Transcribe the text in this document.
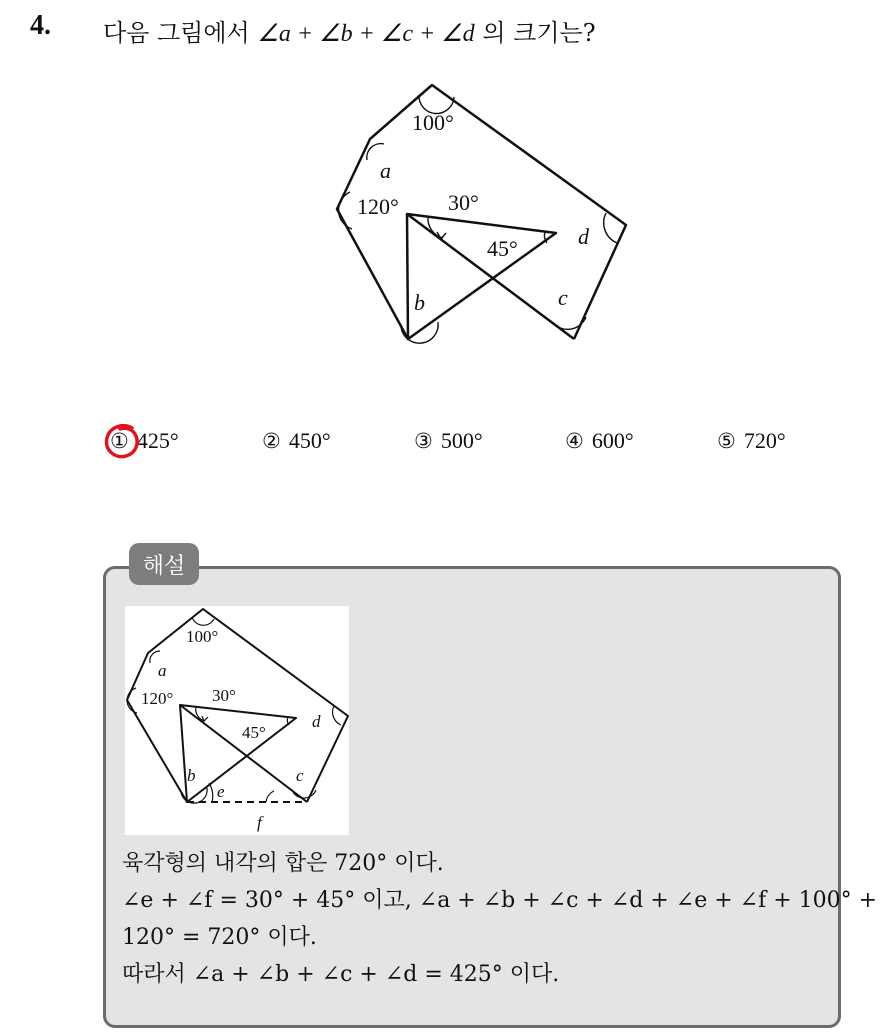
4. 다음 그림에서 ∠a + ∠b + ∠c + ∠d 의 크기는?
100°
a
120° 30°
45°	d
b	c
① 425°	② 450°	③ 500°	④ 600°	⑤ 720°
해설
100°
a
120° 30°
45°
d
b
e
c
f
육각형의 내각의 합은 720° 이다.
∠e + ∠f = 30° + 45° 이고, ∠a + ∠b + ∠c + ∠d + ∠e + ∠f + 100° +
120° = 720° 이다.
따라서 ∠a + ∠b + ∠c + ∠d = 425° 이다.
